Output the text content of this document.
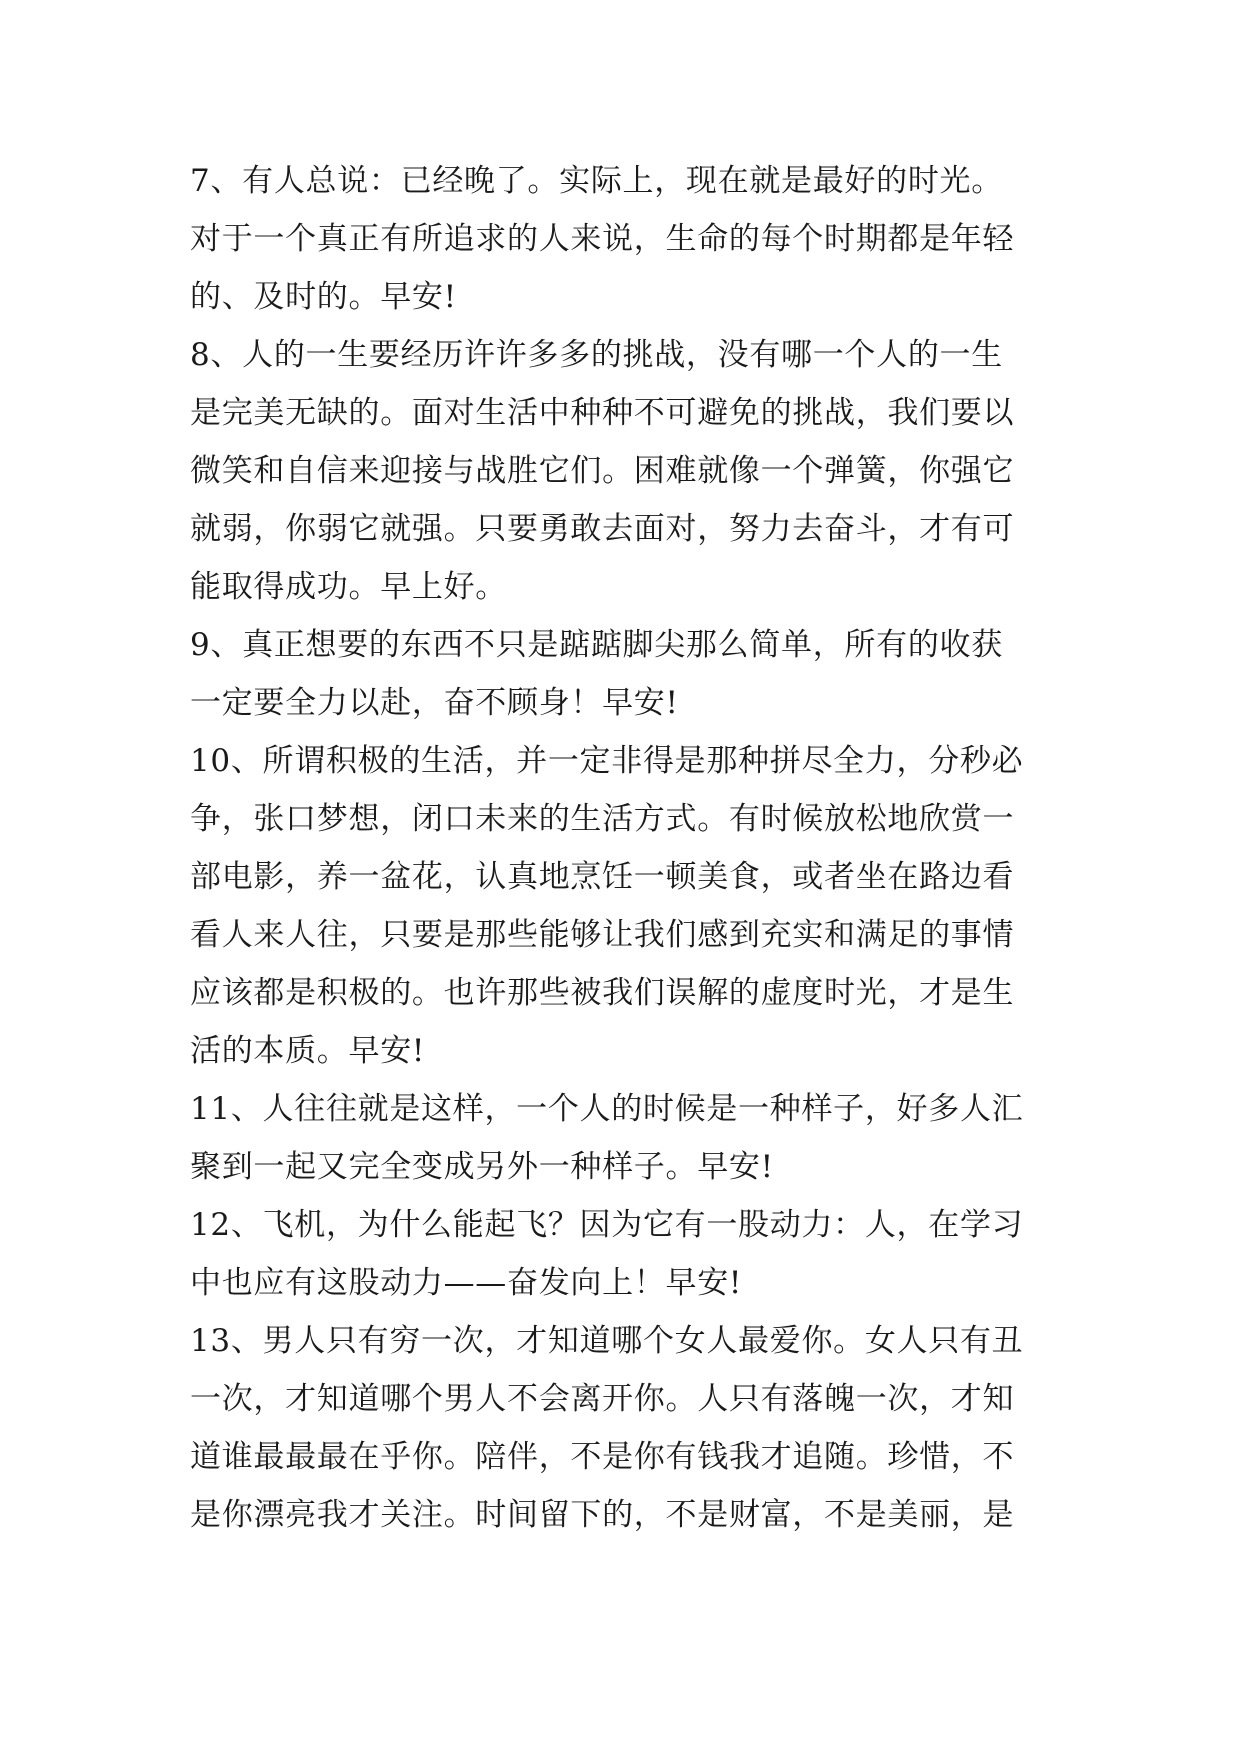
7、有人总说：已经晚了。实际上，现在就是最好的时光。
对于一个真正有所追求的人来说，生命的每个时期都是年轻
的、及时的。早安!
8、人的一生要经历许许多多的挑战，没有哪一个人的一生
是完美无缺的。面对生活中种种不可避免的挑战，我们要以
微笑和自信来迎接与战胜它们。困难就像一个弹簧，你强它
就弱，你弱它就强。只要勇敢去面对，努力去奋斗，才有可
能取得成功。早上好。
9、真正想要的东西不只是踮踮脚尖那么简单，所有的收获
一定要全力以赴，奋不顾身！早安!
10、所谓积极的生活，并一定非得是那种拼尽全力，分秒必
争，张口梦想，闭口未来的生活方式。有时候放松地欣赏一
部电影，养一盆花，认真地烹饪一顿美食，或者坐在路边看
看人来人往，只要是那些能够让我们感到充实和满足的事情
应该都是积极的。也许那些被我们误解的虚度时光，才是生
活的本质。早安!
11、人往往就是这样，一个人的时候是一种样子，好多人汇
聚到一起又完全变成另外一种样子。早安!
12、飞机，为什么能起飞？因为它有一股动力：人，在学习
中也应有这股动力——奋发向上！早安!
13、男人只有穷一次，才知道哪个女人最爱你。女人只有丑
一次，才知道哪个男人不会离开你。人只有落魄一次，才知
道谁最最最在乎你。陪伴，不是你有钱我才追随。珍惜，不
是你漂亮我才关注。时间留下的，不是财富，不是美丽，是
